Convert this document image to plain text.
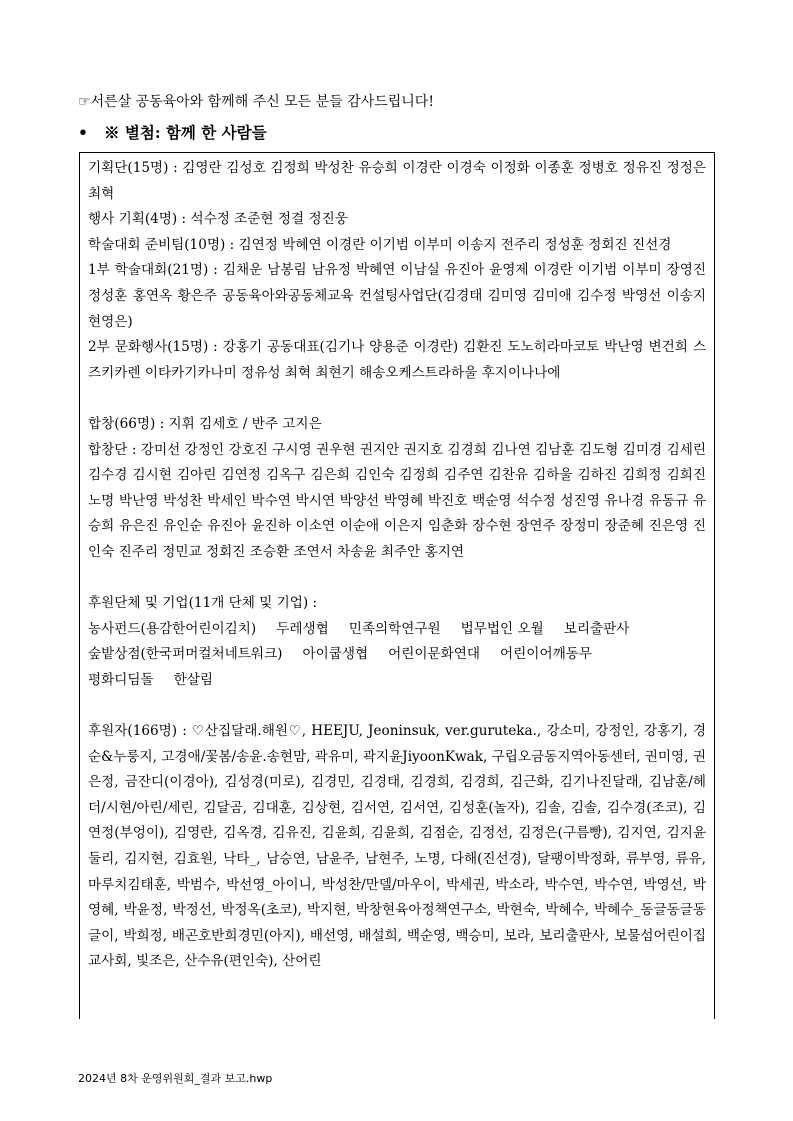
☞서른살 공동육아와 함께해 주신 모든 분들 감사드립니다!
• ※ 별첨: 함께 한 사람들

기획단(15명) : 김영란 김성호 김정희 박성찬 유승희 이경란 이경숙 이정화 이종훈 정병호 정유진 정정은 최혁

행사 기획(4명) : 석수정 조준현 정결 정진웅

학술대회 준비팀(10명) : 김연정 박혜연 이경란 이기범 이부미 이송지 전주리 정성훈 정회진 진선경

1부 학술대회(21명) : 김채운 남봉림 남유정 박혜연 이남실 유진아 윤영제 이경란 이기범 이부미 장영진 정성훈 홍연옥 황은주 공동육아와공동체교육 컨설팅사업단(김경태 김미영 김미애 김수정 박영선 이송지 현영은)

2부 문화행사(15명) : 강홍기 공동대표(김기나 양용준 이경란) 김환진 도노히라마코토 박난영 변건희 스즈키카렌 이타카기카나미 정유성 최혁 최현기 해송오케스트라하울 후지이나나에

합창(66명) : 지휘 김세호 / 반주 고지은

합창단 : 강미선 강정인 강호진 구시영 권우현 권지안 권지호 김경희 김나연 김남훈 김도형 김미경 김세린 김수경 김시현 김아린 김연정 김옥구 김은희 김인숙 김정희 김주연 김찬유 김하울 김하진 김희정 김희진 노명 박난영 박성찬 박세인 박수연 박시연 박양선 박영혜 박진호 백순영 석수정 성진영 유나경 유동규 유승희 유은진 유인순 유진아 윤진하 이소연 이순애 이은지 임춘화 장수현 장연주 장정미 장준혜 진은영 진인숙 진주리 정민교 정회진 조승환 조연서 차송윤 최주안 홍지연

후원단체 및 기업(11개 단체 및 기업) :

농사펀드(용감한어린이김치) 두레생협 민족의학연구원 법무법인 오월 보리출판사

숲밭상점(한국퍼머컬처네트워크) 아이쿱생협 어린이문화연대 어린이어깨동무

평화디딤돌 한살림

후원자(166명) : ♡산집달래.해원♡, HEEJU, Jeoninsuk, ver.guruteka., 강소미, 강정인, 강홍기, 경순&누룽지, 고경애/꽃봄/송윤.송현맘, 곽유미, 곽지윤JiyoonKwak, 구립오금동지역아동센터, 권미영, 권은정, 금잔디(이경아), 김성경(미로), 김경민, 김경태, 김경희, 김경희, 김근화, 김기나진달래, 김남훈/헤더/시현/아린/세린, 김달곰, 김대훈, 김상현, 김서연, 김서연, 김성훈(놀자), 김솔, 김솔, 김수경(조코), 김연정(부엉이), 김영란, 김옥경, 김유진, 김윤희, 김윤희, 김점순, 김정선, 김정은(구름빵), 김지연, 김지윤둘리, 김지현, 김효원, 낙타_, 남승연, 남윤주, 남현주, 노명, 다해(진선경), 달팽이박정화, 류부영, 류유, 마루치김태훈, 박범수, 박선영_아이니, 박성찬/만델/마우이, 박세권, 박소라, 박수연, 박수연, 박영선, 박영혜, 박윤정, 박정선, 박정옥(초코), 박지현, 박창현육아정책연구소, 박현숙, 박혜수, 박혜수_동글동글동글이, 박희정, 배곤호반희경민(아지), 배선영, 배설희, 백순영, 백승미, 보라, 보리출판사, 보물섬어린이집교사회, 빛조은, 산수유(편인숙), 산어린

2024년 8차 운영위원회_결과 보고.hwp
